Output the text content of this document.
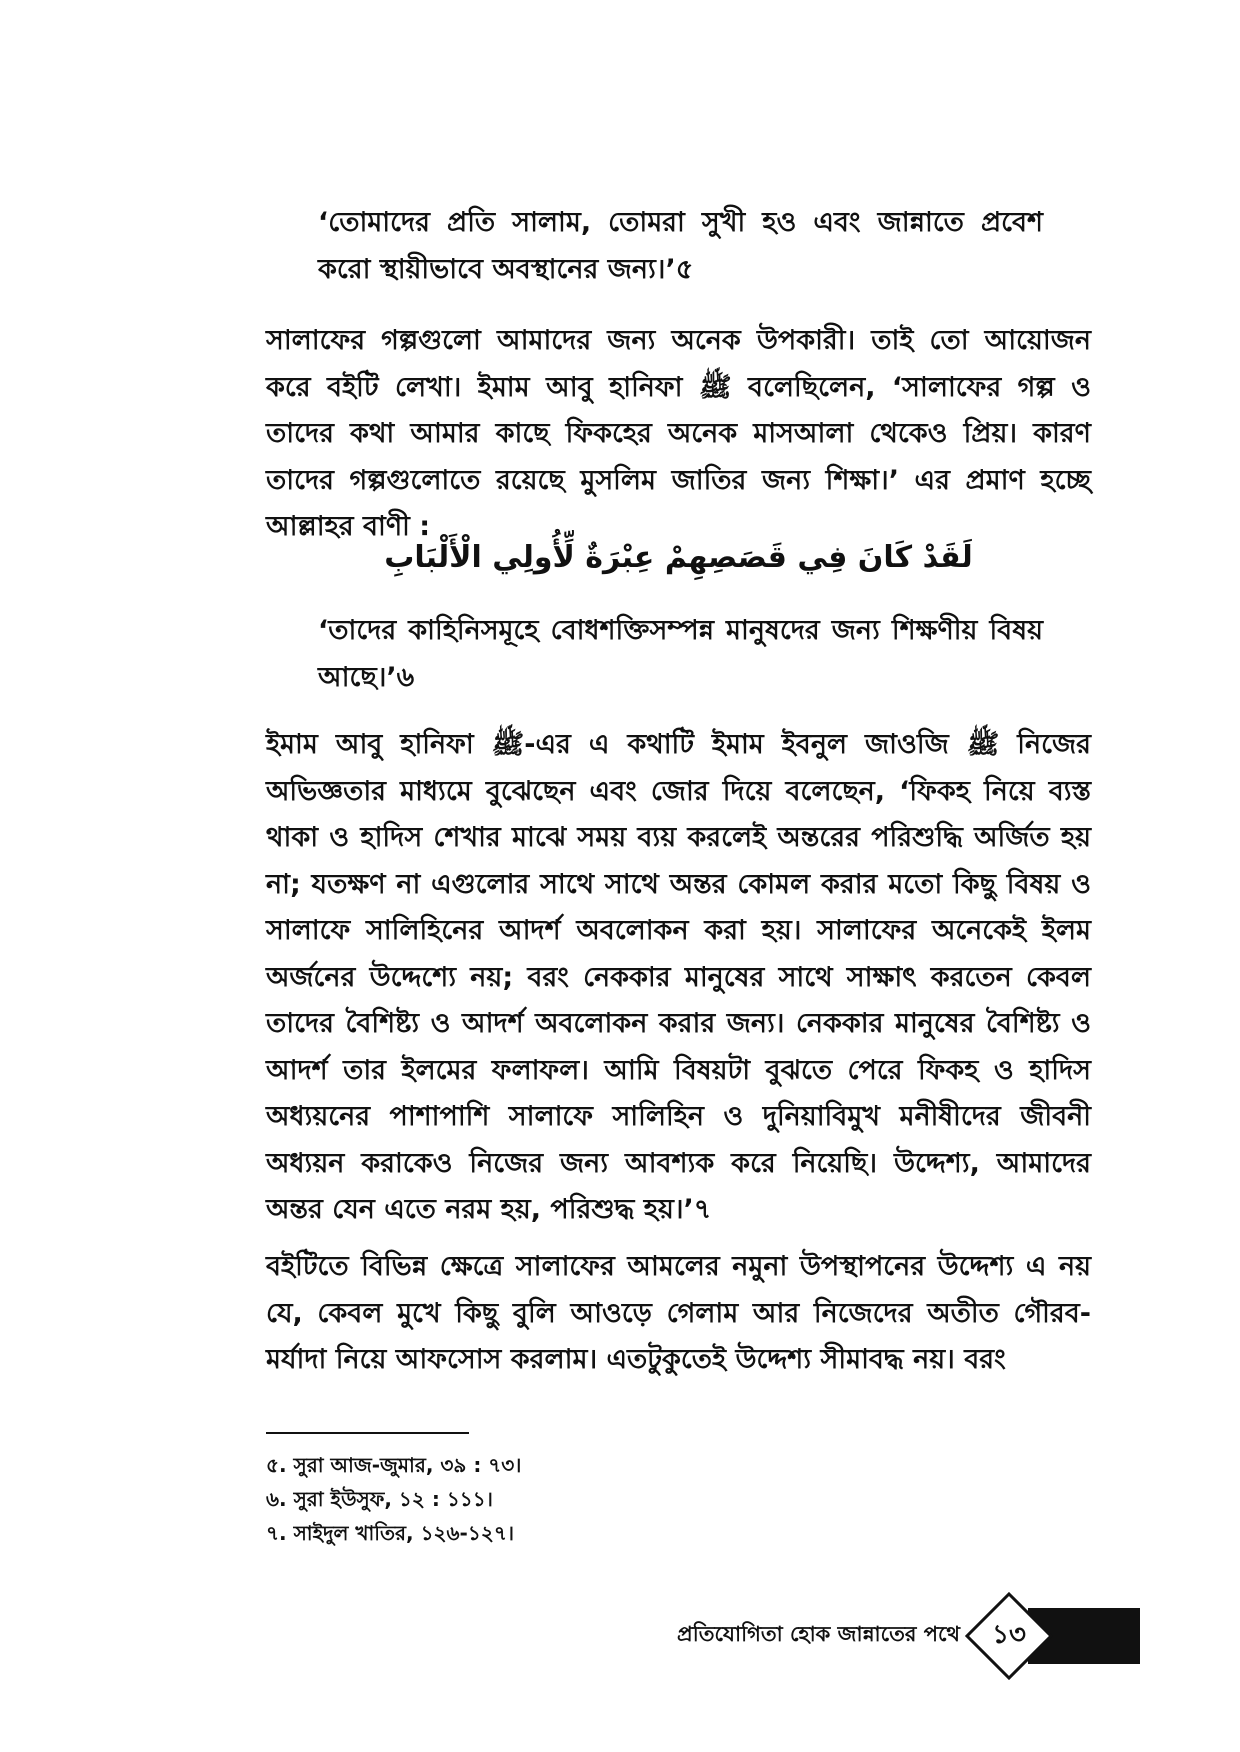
‘তোমাদের প্রতি সালাম, তোমরা সুখী হও এবং জান্নাতে প্রবেশ করো স্থায়ীভাবে অবস্থানের জন্য।’৫

সালাফের গল্পগুলো আমাদের জন্য অনেক উপকারী। তাই তো আয়োজন করে বইটি লেখা। ইমাম আবু হানিফা ﷺ বলেছিলেন, ‘সালাফের গল্প ও তাদের কথা আমার কাছে ফিকহের অনেক মাসআলা থেকেও প্রিয়। কারণ তাদের গল্পগুলোতে রয়েছে মুসলিম জাতির জন্য শিক্ষা।’ এর প্রমাণ হচ্ছে আল্লাহর বাণী :

لَقَدْ كَانَ فِي قَصَصِهِمْ عِبْرَةٌ لِّأُولِي الْأَلْبَابِ

‘তাদের কাহিনিসমূহে বোধশক্তিসম্পন্ন মানুষদের জন্য শিক্ষণীয় বিষয় আছে।’৬

ইমাম আবু হানিফা ﷺ-এর এ কথাটি ইমাম ইবনুল জাওজি ﷺ নিজের অভিজ্ঞতার মাধ্যমে বুঝেছেন এবং জোর দিয়ে বলেছেন, ‘ফিকহ নিয়ে ব্যস্ত থাকা ও হাদিস শেখার মাঝে সময় ব্যয় করলেই অন্তরের পরিশুদ্ধি অর্জিত হয় না; যতক্ষণ না এগুলোর সাথে সাথে অন্তর কোমল করার মতো কিছু বিষয় ও সালাফে সালিহিনের আদর্শ অবলোকন করা হয়। সালাফের অনেকেই ইলম অর্জনের উদ্দেশ্যে নয়; বরং নেককার মানুষের সাথে সাক্ষাৎ করতেন কেবল তাদের বৈশিষ্ট্য ও আদর্শ অবলোকন করার জন্য। নেককার মানুষের বৈশিষ্ট্য ও আদর্শ তার ইলমের ফলাফল। আমি বিষয়টা বুঝতে পেরে ফিকহ ও হাদিস অধ্যয়নের পাশাপাশি সালাফে সালিহিন ও দুনিয়াবিমুখ মনীষীদের জীবনী অধ্যয়ন করাকেও নিজের জন্য আবশ্যক করে নিয়েছি। উদ্দেশ্য, আমাদের অন্তর যেন এতে নরম হয়, পরিশুদ্ধ হয়।’৭

বইটিতে বিভিন্ন ক্ষেত্রে সালাফের আমলের নমুনা উপস্থাপনের উদ্দেশ্য এ নয় যে, কেবল মুখে কিছু বুলি আওড়ে গেলাম আর নিজেদের অতীত গৌরব-মর্যাদা নিয়ে আফসোস করলাম। এতটুকুতেই উদ্দেশ্য সীমাবদ্ধ নয়। বরং

৫. সুরা আজ-জুমার, ৩৯ : ৭৩।
৬. সুরা ইউসুফ, ১২ : ১১১।
৭. সাইদুল খাতির, ১২৬-১২৭।
প্রতিযোগিতা হোক জান্নাতের পথে	১৩
